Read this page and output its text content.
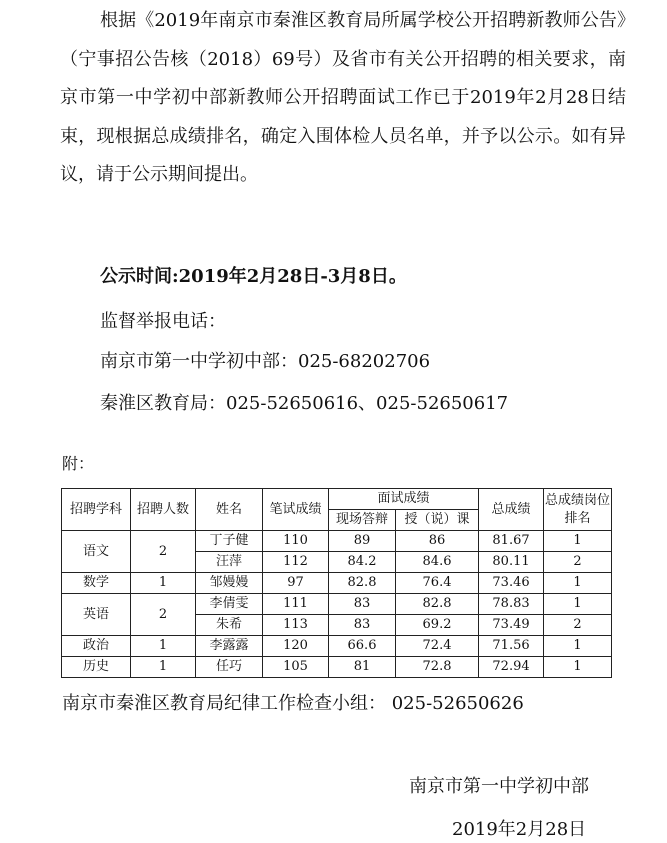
根据《2019年南京市秦淮区教育局所属学校公开招聘新教师公告》（宁事招公告核（2018）69号）及省市有关公开招聘的相关要求，南京市第一中学初中部新教师公开招聘面试工作已于2019年2月28日结束，现根据总成绩排名，确定入围体检人员名单，并予以公示。如有异议，请于公示期间提出。

公示时间:2019年2月28日-3月8日。
监督举报电话：
南京市第一中学初中部：025-68202706
秦淮区教育局：025-52650616、025-52650617
附：
招聘学科	招聘人数	姓名	笔试成绩	面试成绩		总成绩	总成绩岗位排名
				现场答辩	授（说）课		
语文	2	丁子健	110	89	86	81.67	1
		汪萍	112	84.2	84.6	80.11	2
数学	1	邹嫚嫚	97	82.8	76.4	73.46	1
英语	2	李倩雯	111	83	82.8	78.83	1
		朱希	113	83	69.2	73.49	2
政治	1	李露露	120	66.6	72.4	71.56	1
历史	1	任巧	105	81	72.8	72.94	1
南京市秦淮区教育局纪律工作检查小组： 025-52650626
南京市第一中学初中部
2019年2月28日
